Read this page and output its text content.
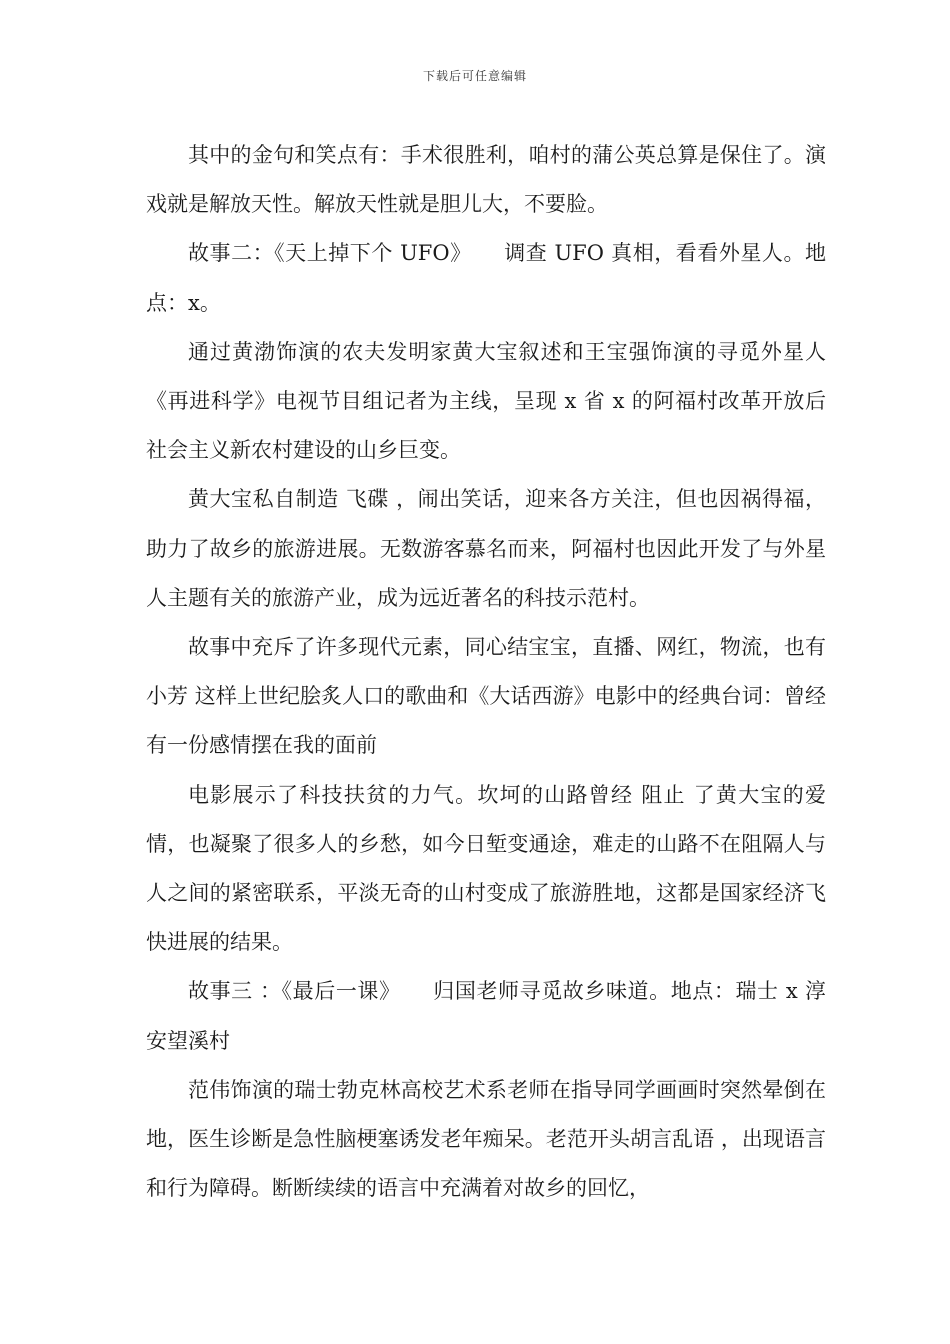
下载后可任意编辑

其中的金句和笑点有：手术很胜利，咱村的蒲公英总算是保住了。演戏就是解放天性。解放天性就是胆儿大，不要脸。

故事二：《天上掉下个 UFO》　　调查 UFO 真相，看看外星人。地点：x。

通过黄渤饰演的农夫发明家黄大宝叙述和王宝强饰演的寻觅外星人《再进科学》电视节目组记者为主线，呈现 x 省 x 的阿福村改革开放后社会主义新农村建设的山乡巨变。

黄大宝私自制造 飞碟 ，闹出笑话，迎来各方关注，但也因祸得福，助力了故乡的旅游进展。无数游客慕名而来，阿福村也因此开发了与外星人主题有关的旅游产业，成为远近著名的科技示范村。

故事中充斥了许多现代元素，同心结宝宝，直播、网红，物流，也有 小芳 这样上世纪脍炙人口的歌曲和《大话西游》电影中的经典台词：曾经有一份感情摆在我的面前

电影展示了科技扶贫的力气。坎坷的山路曾经 阻止 了黄大宝的爱情，也凝聚了很多人的乡愁，如今日堑变通途，难走的山路不在阻隔人与人之间的紧密联系，平淡无奇的山村变成了旅游胜地，这都是国家经济飞快进展的结果。

故事三 ：《最后一课》　　归国老师寻觅故乡味道。地点：瑞士 x 淳安望溪村

范伟饰演的瑞士勃克林高校艺术系老师在指导同学画画时突然晕倒在地，医生诊断是急性脑梗塞诱发老年痴呆。老范开头胡言乱语 ，出现语言和行为障碍。断断续续的语言中充满着对故乡的回忆，
